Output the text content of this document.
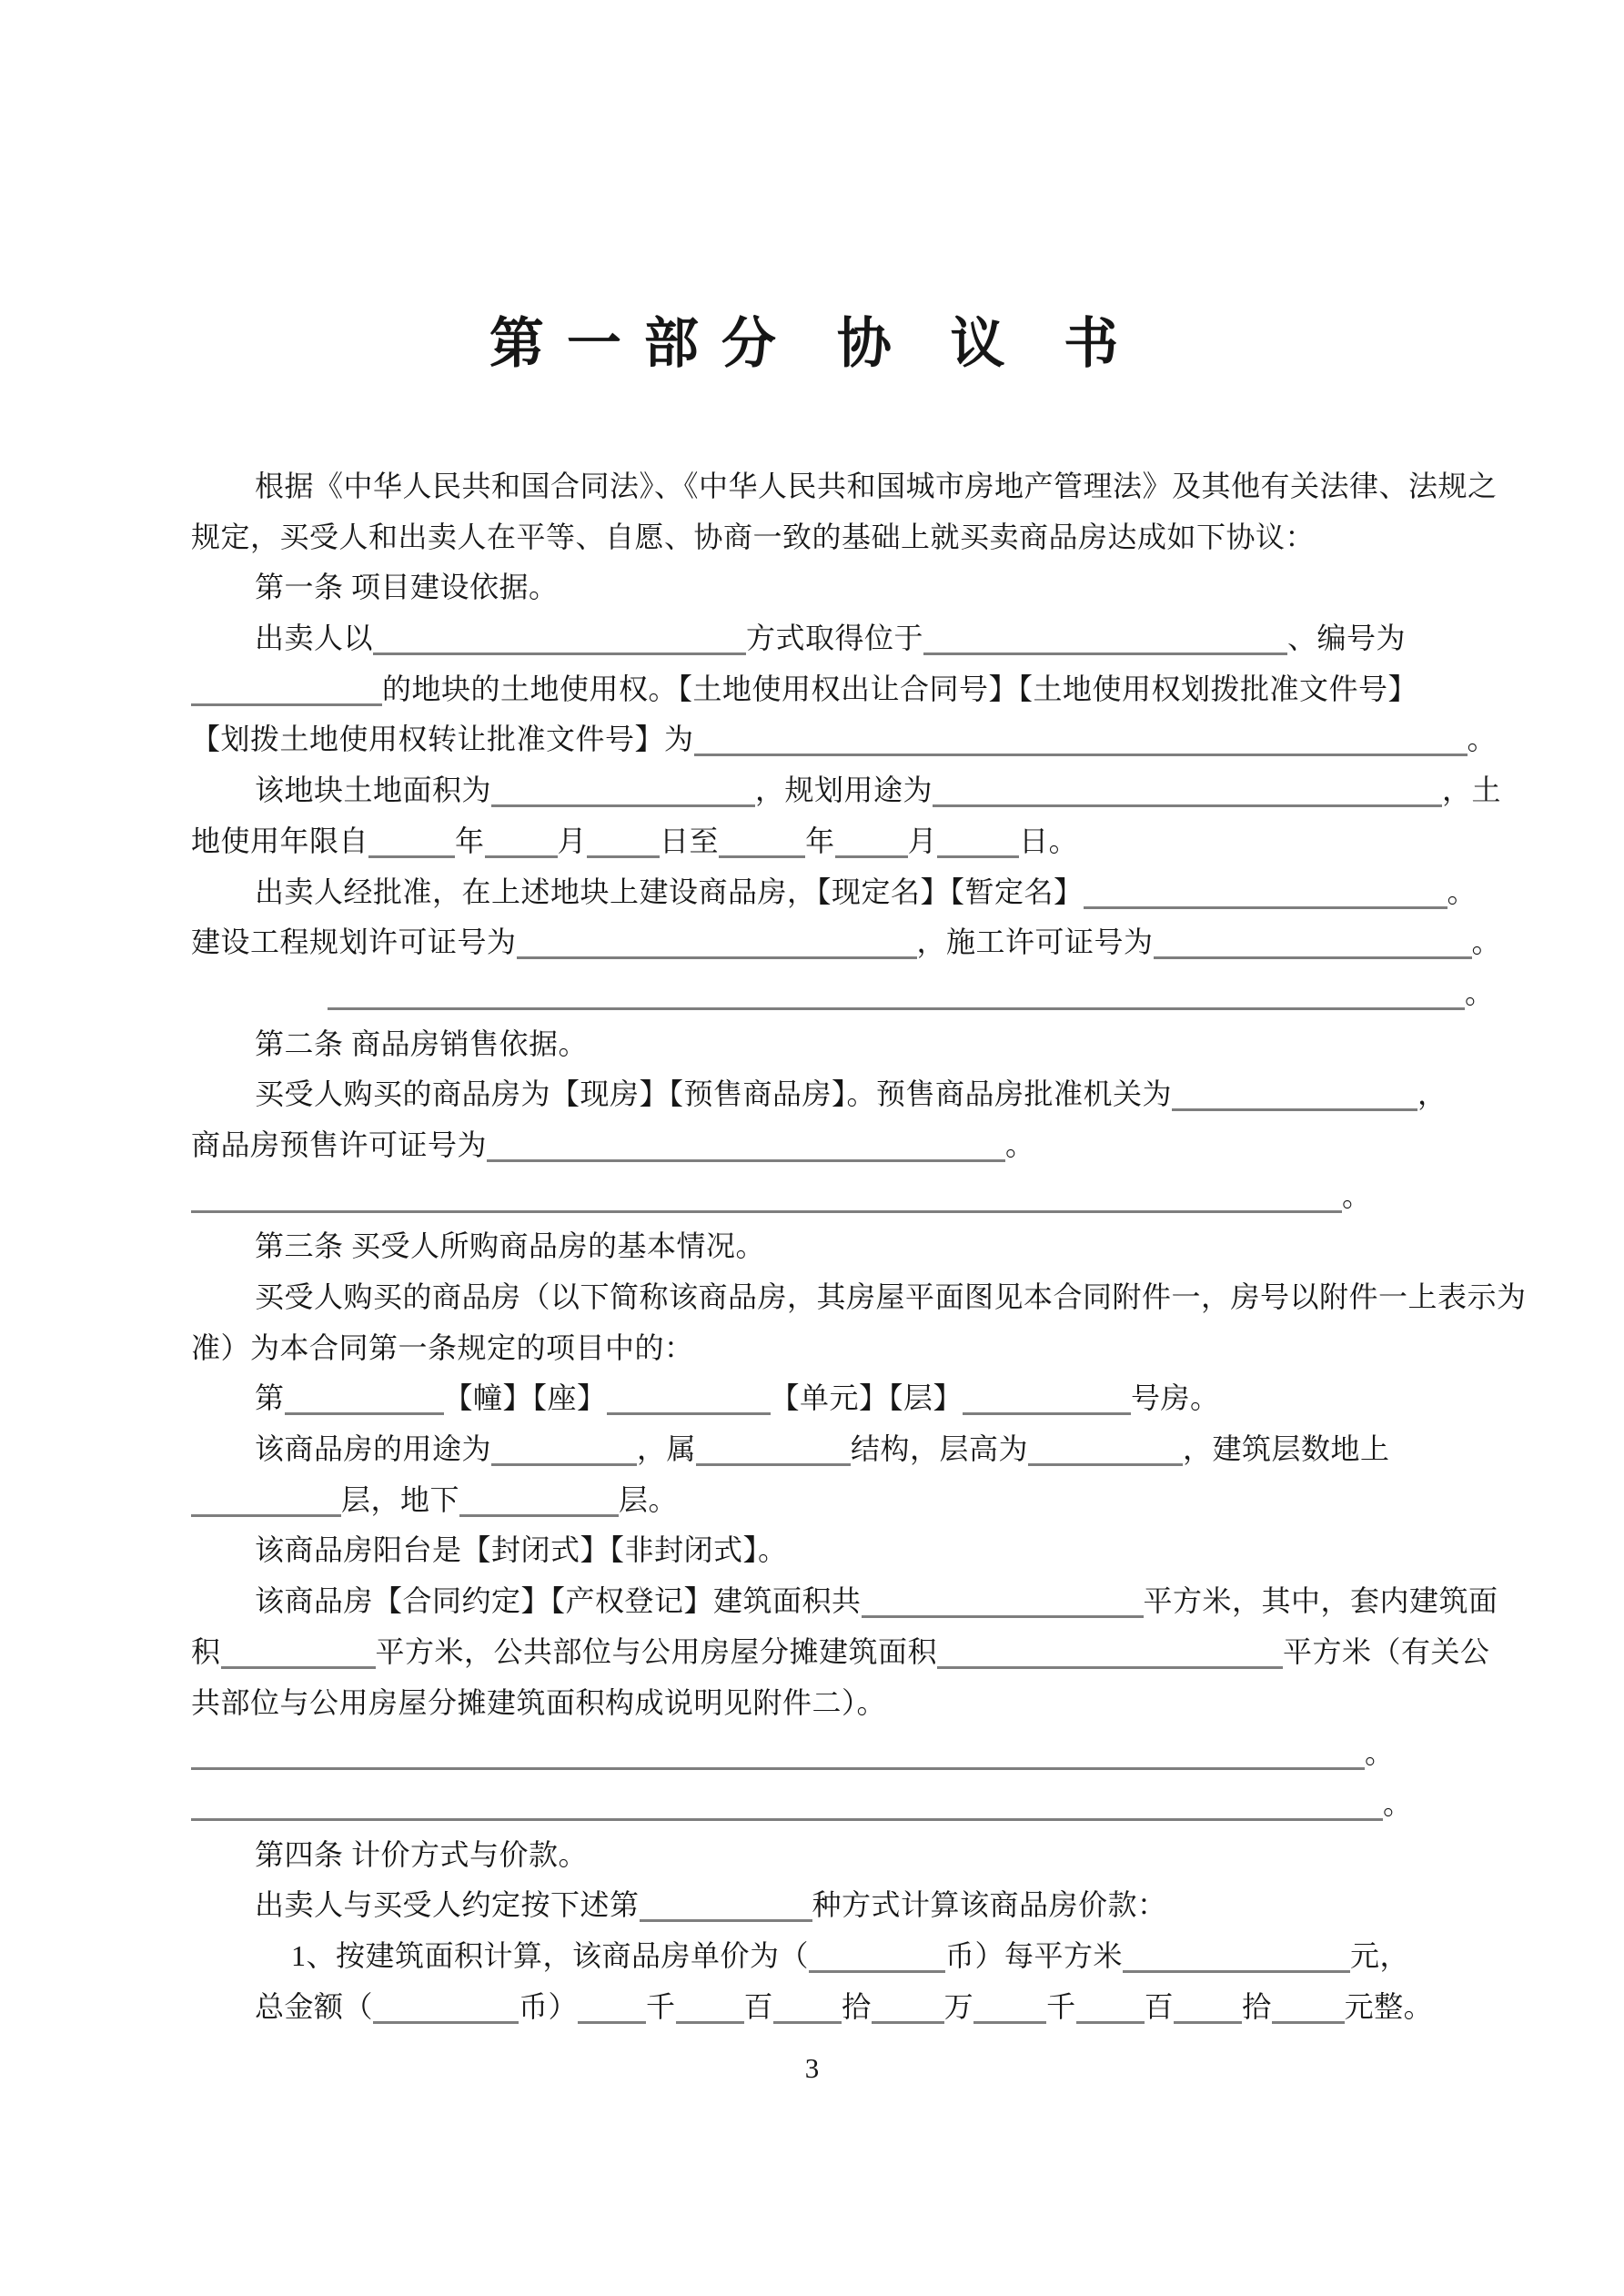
第一部分 协 议 书
根据《中华人民共和国合同法》、《中华人民共和国城市房地产管理法》及其他有关法律、法规之
规定，买受人和出卖人在平等、自愿、协商一致的基础上就买卖商品房达成如下协议：
第一条 项目建设依据。
出卖人以	方式取得位于	、编号为
的地块的土地使用权。【土地使用权出让合同号】【土地使用权划拨批准文件号】
【划拨土地使用权转让批准文件号】为	。
该地块土地面积为	，规划用途为	，土
地使用年限自	年	月	日至	年	月	日。
出卖人经批准，在上述地块上建设商品房，【现定名】【暂定名】	。
建设工程规划许可证号为	，施工许可证号为	。
。
第二条 商品房销售依据。
买受人购买的商品房为【现房】【预售商品房】。预售商品房批准机关为	，
商品房预售许可证号为	。
。
第三条 买受人所购商品房的基本情况。
买受人购买的商品房（以下简称该商品房，其房屋平面图见本合同附件一，房号以附件一上表示为
准）为本合同第一条规定的项目中的：
第	【幢】【座】	【单元】【层】	号房。
该商品房的用途为	，属	结构，层高为	，建筑层数地上
层，地下	层。
该商品房阳台是【封闭式】【非封闭式】。
该商品房【合同约定】【产权登记】建筑面积共	平方米，其中，套内建筑面
积	平方米，公共部位与公用房屋分摊建筑面积	平方米（有关公
共部位与公用房屋分摊建筑面积构成说明见附件二）。
。
。
第四条 计价方式与价款。
出卖人与买受人约定按下述第	种方式计算该商品房价款：
1、按建筑面积计算，该商品房单价为（	币）每平方米	元，
总金额（	币） 千 百 拾	万	千 百 拾	元整。
3
